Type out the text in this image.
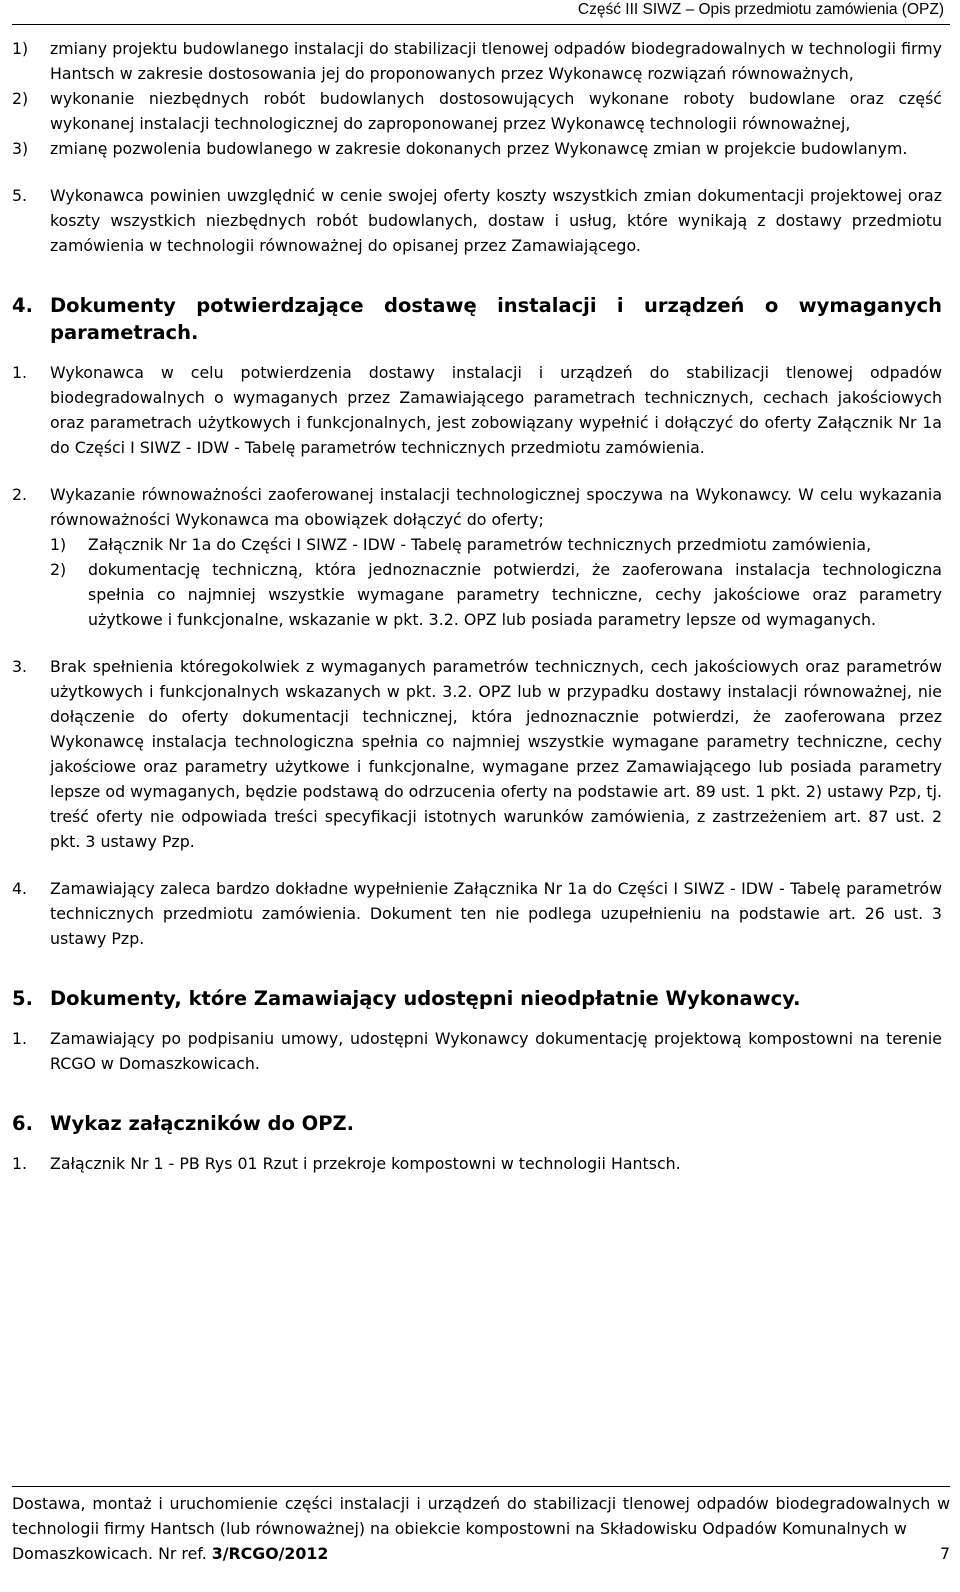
Część III SIWZ – Opis przedmiotu zamówienia (OPZ)
1)	zmiany projektu budowlanego instalacji do stabilizacji tlenowej odpadów biodegradowalnych w technologii firmy Hantsch w zakresie dostosowania jej do proponowanych przez Wykonawcę rozwiązań równoważnych,
2)	wykonanie niezbędnych robót budowlanych dostosowujących wykonane roboty budowlane oraz część wykonanej instalacji technologicznej do zaproponowanej przez Wykonawcę technologii równoważnej,
3)	zmianę pozwolenia budowlanego w zakresie dokonanych przez Wykonawcę zmian w projekcie budowlanym.
5.	Wykonawca powinien uwzględnić w cenie swojej oferty koszty wszystkich zmian dokumentacji projektowej oraz koszty wszystkich niezbędnych robót budowlanych, dostaw i usług, które wynikają z dostawy przedmiotu zamówienia w technologii równoważnej do opisanej przez Zamawiającego.

4. Dokumenty potwierdzające dostawę instalacji i urządzeń o wymaganych parametrach.
1.	Wykonawca w celu potwierdzenia dostawy instalacji i urządzeń do stabilizacji tlenowej odpadów biodegradowalnych o wymaganych przez Zamawiającego parametrach technicznych, cechach jakościowych oraz parametrach użytkowych i funkcjonalnych, jest zobowiązany wypełnić i dołączyć do oferty Załącznik Nr 1a do Części I SIWZ - IDW - Tabelę parametrów technicznych przedmiotu zamówienia.

2.	Wykazanie równoważności zaoferowanej instalacji technologicznej spoczywa na Wykonawcy. W celu wykazania równoważności Wykonawca ma obowiązek dołączyć do oferty;

1)	Załącznik Nr 1a do Części I SIWZ - IDW - Tabelę parametrów technicznych przedmiotu zamówienia,
2)	dokumentację techniczną, która jednoznacznie potwierdzi, że zaoferowana instalacja technologiczna spełnia co najmniej wszystkie wymagane parametry techniczne, cechy jakościowe oraz parametry użytkowe i funkcjonalne, wskazanie w pkt. 3.2. OPZ lub posiada parametry lepsze od wymaganych.
3.	Brak spełnienia któregokolwiek z wymaganych parametrów technicznych, cech jakościowych oraz parametrów użytkowych i funkcjonalnych wskazanych w pkt. 3.2. OPZ lub w przypadku dostawy instalacji równoważnej, nie dołączenie do oferty dokumentacji technicznej, która jednoznacznie potwierdzi, że zaoferowana przez Wykonawcę instalacja technologiczna spełnia co najmniej wszystkie wymagane parametry techniczne, cechy jakościowe oraz parametry użytkowe i funkcjonalne, wymagane przez Zamawiającego lub posiada parametry lepsze od wymaganych, będzie podstawą do odrzucenia oferty na podstawie art. 89 ust. 1 pkt. 2) ustawy Pzp, tj. treść oferty nie odpowiada treści specyfikacji istotnych warunków zamówienia, z zastrzeżeniem art. 87 ust. 2 pkt. 3 ustawy Pzp.

4.	Zamawiający zaleca bardzo dokładne wypełnienie Załącznika Nr 1a do Części I SIWZ - IDW - Tabelę parametrów technicznych przedmiotu zamówienia. Dokument ten nie podlega uzupełnieniu na podstawie art. 26 ust. 3 ustawy Pzp.

5. Dokumenty, które Zamawiający udostępni nieodpłatnie Wykonawcy.
1.	Zamawiający po podpisaniu umowy, udostępni Wykonawcy dokumentację projektową kompostowni na terenie RCGO w Domaszkowicach.

6. Wykaz załączników do OPZ.
1.	Załącznik Nr 1 - PB Rys 01 Rzut i przekroje kompostowni w technologii Hantsch.

Dostawa, montaż i uruchomienie części instalacji i urządzeń do stabilizacji tlenowej odpadów biodegradowalnych w technologii firmy Hantsch (lub równoważnej) na obiekcie kompostowni na Składowisku Odpadów Komunalnych w
Domaszkowicach. Nr ref. 3/RCGO/2012	7
